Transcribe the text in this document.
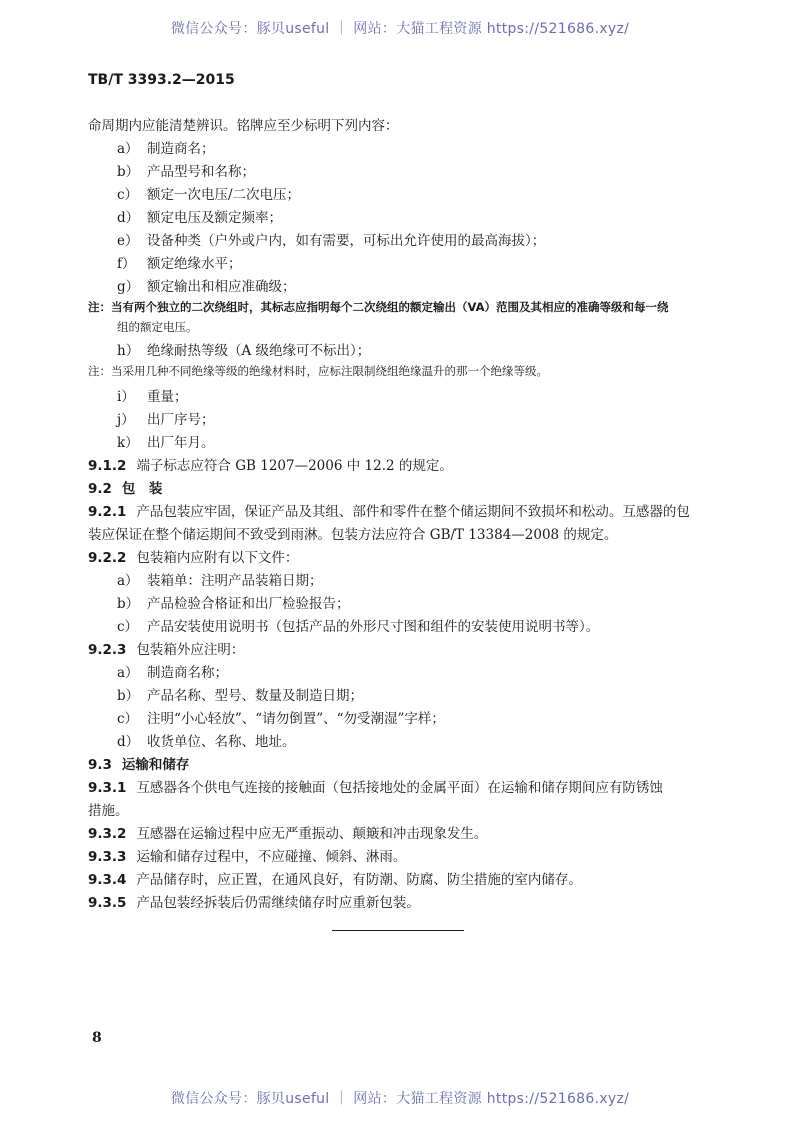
微信公众号：豚贝useful ｜ 网站：大猫工程资源 https://521686.xyz/
TB/T 3393.2—2015
命周期内应能清楚辨识。铭牌应至少标明下列内容：
a） 制造商名；
b） 产品型号和名称；
c） 额定一次电压/二次电压；
d） 额定电压及额定频率；
e） 设备种类（户外或户内，如有需要，可标出允许使用的最高海拔）；
f） 额定绝缘水平；
g） 额定输出和相应准确级；
注：当有两个独立的二次绕组时，其标志应指明每个二次绕组的额定输出（VA）范围及其相应的准确等级和每一绕
组的额定电压。
h） 绝缘耐热等级（A 级绝缘可不标出）；
注：当采用几种不同绝缘等级的绝缘材料时，应标注限制绕组绝缘温升的那一个绝缘等级。
i） 重量；
j） 出厂序号；
k） 出厂年月。
9.1.2 端子标志应符合 GB 1207—2006 中 12.2 的规定。
9.2 包　装
9.2.1 产品包装应牢固，保证产品及其组、部件和零件在整个储运期间不致损坏和松动。互感器的包
装应保证在整个储运期间不致受到雨淋。包装方法应符合 GB/T 13384—2008 的规定。
9.2.2 包装箱内应附有以下文件：
a） 装箱单：注明产品装箱日期；
b） 产品检验合格证和出厂检验报告；
c） 产品安装使用说明书（包括产品的外形尺寸图和组件的安装使用说明书等）。
9.2.3 包装箱外应注明：
a） 制造商名称；
b） 产品名称、型号、数量及制造日期；
c） 注明“小心轻放”、“请勿倒置”、“勿受潮湿”字样；
d） 收货单位、名称、地址。
9.3 运输和储存
9.3.1 互感器各个供电气连接的接触面（包括接地处的金属平面）在运输和储存期间应有防锈蚀
措施。
9.3.2 互感器在运输过程中应无严重振动、颠簸和冲击现象发生。
9.3.3 运输和储存过程中，不应碰撞、倾斜、淋雨。
9.3.4 产品储存时，应正置，在通风良好，有防潮、防腐、防尘措施的室内储存。
9.3.5 产品包装经拆装后仍需继续储存时应重新包装。
8
微信公众号：豚贝useful ｜ 网站：大猫工程资源 https://521686.xyz/
